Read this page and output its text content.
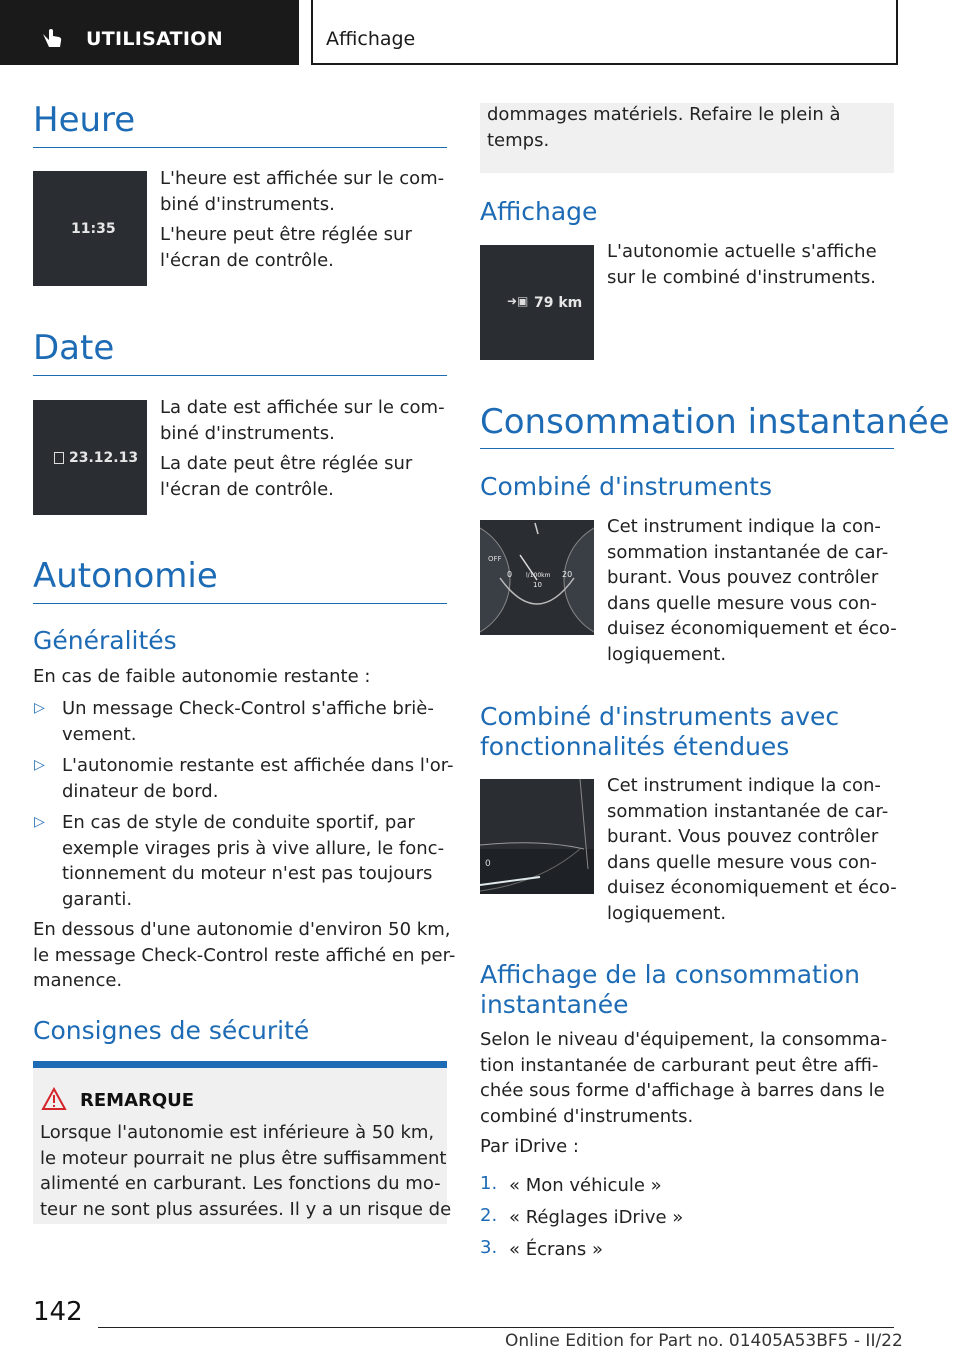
UTILISATION	Affichage
Heure
11:35
L'heure est affichée sur le com-
biné d'instruments.
L'heure peut être réglée sur
l'écran de contrôle.
Date
23.12.13
La date est affichée sur le com-
biné d'instruments.
La date peut être réglée sur
l'écran de contrôle.
Autonomie
Généralités
En cas de faible autonomie restante :
▷ Un message Check-Control s'affiche briè-
vement.
▷ L'autonomie restante est affichée dans l'or-
dinateur de bord.
▷ En cas de style de conduite sportif, par
exemple virages pris à vive allure, le fonc-
tionnement du moteur n'est pas toujours
garanti.
En dessous d'une autonomie d'environ 50 km,
le message Check-Control reste affiché en per-
manence.
Consignes de sécurité
REMARQUE
Lorsque l'autonomie est inférieure à 50 km,
le moteur pourrait ne plus être suffisamment
alimenté en carburant. Les fonctions du mo-
teur ne sont plus assurées. Il y a un risque de
dommages matériels. Refaire le plein à
temps.
Affichage
➜▣ 79 km
L'autonomie actuelle s'affiche
sur le combiné d'instruments.
Consommation instantanée
Combiné d'instruments
OFF
0 l/100km
10
20
Cet instrument indique la con-
sommation instantanée de car-
burant. Vous pouvez contrôler
dans quelle mesure vous con-
duisez économiquement et éco-
logiquement.
Combiné d'instruments avec
fonctionnalités étendues
0
Cet instrument indique la con-
sommation instantanée de car-
burant. Vous pouvez contrôler
dans quelle mesure vous con-
duisez économiquement et éco-
logiquement.
Affichage de la consommation
instantanée
Selon le niveau d'équipement, la consomma-
tion instantanée de carburant peut être affi-
chée sous forme d'affichage à barres dans le
combiné d'instruments.
Par iDrive :
1. « Mon véhicule »
2. « Réglages iDrive »
3. « Écrans »
142
Online Edition for Part no. 01405A53BF5 - II/22
